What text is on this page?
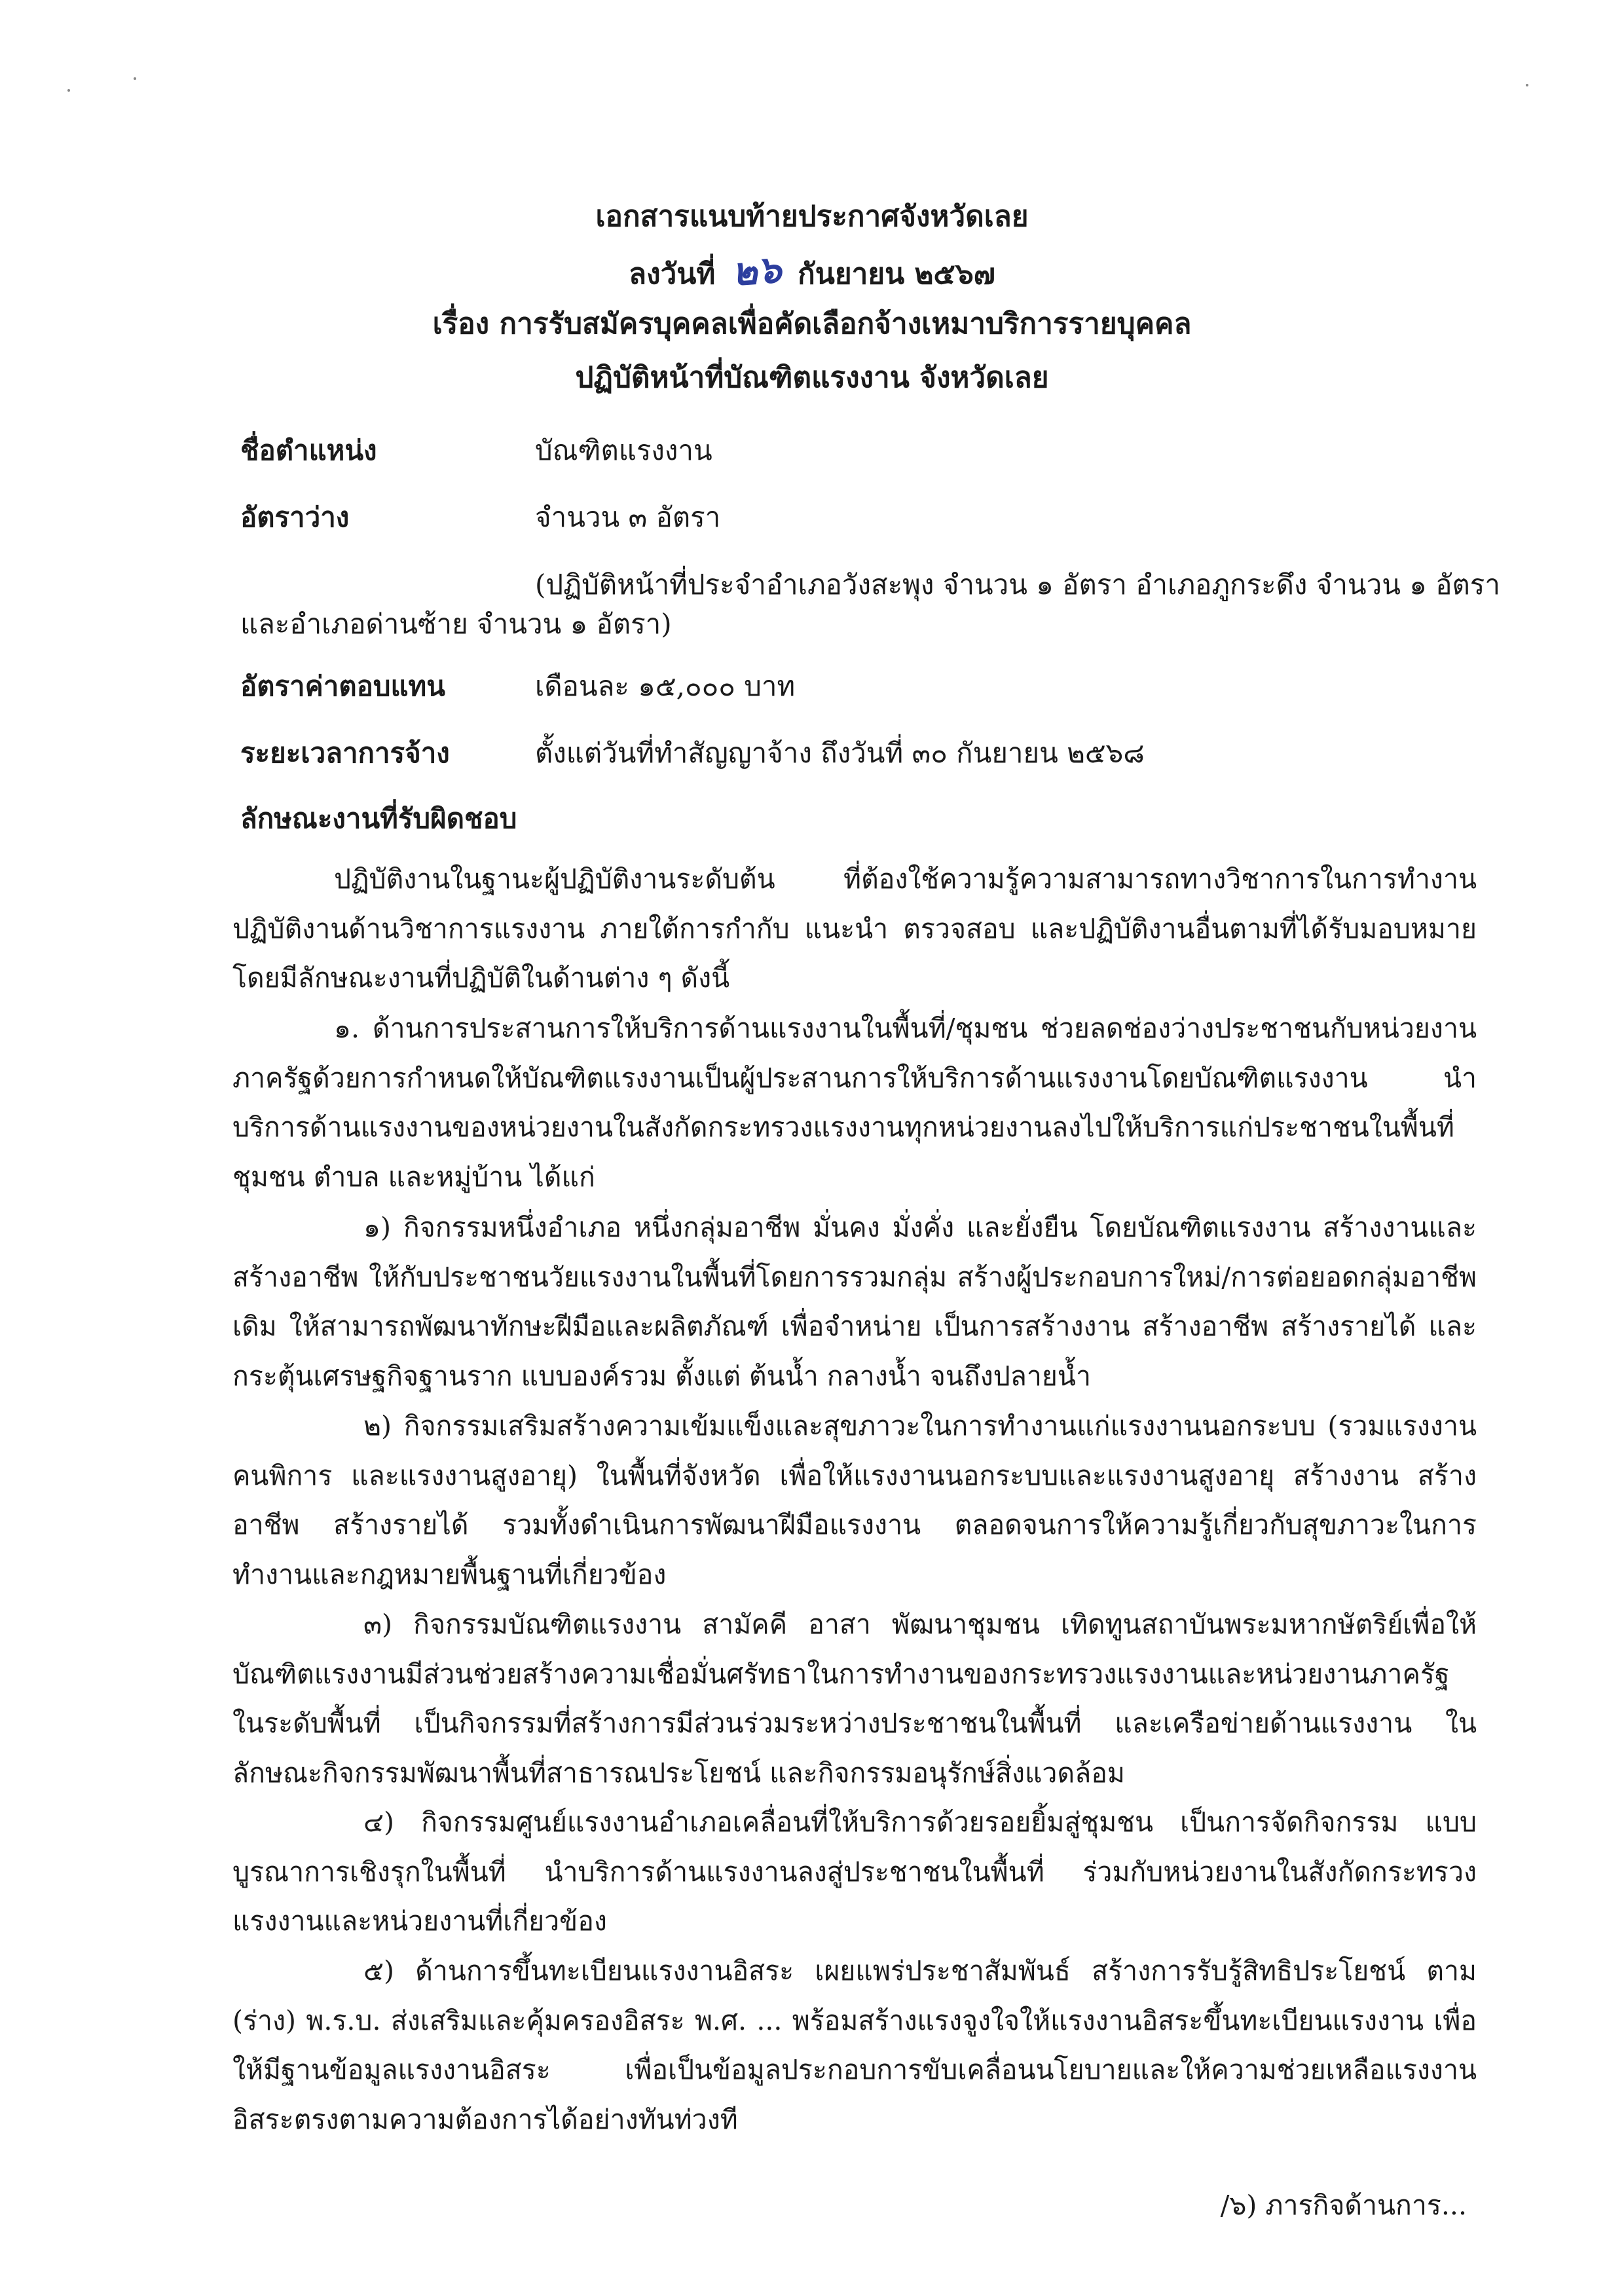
เอกสารแนบท้ายประกาศจังหวัดเลย
ลงวันที่ ๒๖ กันยายน ๒๕๖๗
เรื่อง การรับสมัครบุคคลเพื่อคัดเลือกจ้างเหมาบริการรายบุคคล
ปฏิบัติหน้าที่บัณฑิตแรงงาน จังหวัดเลย
ชื่อตำแหน่ง	บัณฑิตแรงงาน
อัตราว่าง	จำนวน ๓ อัตรา
(ปฏิบัติหน้าที่ประจำอำเภอวังสะพุง จำนวน ๑ อัตรา อำเภอภูกระดึง จำนวน ๑ อัตรา
และอำเภอด่านซ้าย จำนวน ๑ อัตรา)
อัตราค่าตอบแทน	เดือนละ ๑๕,๐๐๐ บาท
ระยะเวลาการจ้าง	ตั้งแต่วันที่ทำสัญญาจ้าง ถึงวันที่ ๓๐ กันยายน ๒๕๖๘
ลักษณะงานที่รับผิดชอบ

ปฏิบัติงานในฐานะผู้ปฏิบัติงานระดับต้น ที่ต้องใช้ความรู้ความสามารถทางวิชาการในการทำงาน ปฏิบัติงานด้านวิชาการแรงงาน ภายใต้การกำกับ แนะนำ ตรวจสอบ และปฏิบัติงานอื่นตามที่ได้รับมอบหมาย โดยมีลักษณะงานที่ปฏิบัติในด้านต่าง ๆ ดังนี้

๑. ด้านการประสานการให้บริการด้านแรงงานในพื้นที่/ชุมชน ช่วยลดช่องว่างประชาชนกับหน่วยงานภาครัฐด้วยการกำหนดให้บัณฑิตแรงงานเป็นผู้ประสานการให้บริการด้านแรงงานโดยบัณฑิตแรงงาน นำบริการด้านแรงงานของหน่วยงานในสังกัดกระทรวงแรงงานทุกหน่วยงานลงไปให้บริการแก่ประชาชนในพื้นที่ชุมชน ตำบล และหมู่บ้าน ได้แก่

๑) กิจกรรมหนึ่งอำเภอ หนึ่งกลุ่มอาชีพ มั่นคง มั่งคั่ง และยั่งยืน โดยบัณฑิตแรงงาน สร้างงานและสร้างอาชีพ ให้กับประชาชนวัยแรงงานในพื้นที่โดยการรวมกลุ่ม สร้างผู้ประกอบการใหม่/การต่อยอดกลุ่มอาชีพเดิม ให้สามารถพัฒนาทักษะฝีมือและผลิตภัณฑ์ เพื่อจำหน่าย เป็นการสร้างงาน สร้างอาชีพ สร้างรายได้ และกระตุ้นเศรษฐกิจฐานราก แบบองค์รวม ตั้งแต่ ต้นน้ำ กลางน้ำ จนถึงปลายน้ำ

๒) กิจกรรมเสริมสร้างความเข้มแข็งและสุขภาวะในการทำงานแก่แรงงานนอกระบบ (รวมแรงงานคนพิการ และแรงงานสูงอายุ) ในพื้นที่จังหวัด เพื่อให้แรงงานนอกระบบและแรงงานสูงอายุ สร้างงาน สร้างอาชีพ สร้างรายได้ รวมทั้งดำเนินการพัฒนาฝีมือแรงงาน ตลอดจนการให้ความรู้เกี่ยวกับสุขภาวะในการทำงานและกฎหมายพื้นฐานที่เกี่ยวข้อง

๓) กิจกรรมบัณฑิตแรงงาน สามัคคี อาสา พัฒนาชุมชน เทิดทูนสถาบันพระมหากษัตริย์เพื่อให้บัณฑิตแรงงานมีส่วนช่วยสร้างความเชื่อมั่นศรัทธาในการทำงานของกระทรวงแรงงานและหน่วยงานภาครัฐ ในระดับพื้นที่ เป็นกิจกรรมที่สร้างการมีส่วนร่วมระหว่างประชาชนในพื้นที่ และเครือข่ายด้านแรงงาน ในลักษณะกิจกรรมพัฒนาพื้นที่สาธารณประโยชน์ และกิจกรรมอนุรักษ์สิ่งแวดล้อม

๔) กิจกรรมศูนย์แรงงานอำเภอเคลื่อนที่ให้บริการด้วยรอยยิ้มสู่ชุมชน เป็นการจัดกิจกรรม แบบบูรณาการเชิงรุกในพื้นที่ นำบริการด้านแรงงานลงสู่ประชาชนในพื้นที่ ร่วมกับหน่วยงานในสังกัดกระทรวงแรงงานและหน่วยงานที่เกี่ยวข้อง

๕) ด้านการขึ้นทะเบียนแรงงานอิสระ เผยแพร่ประชาสัมพันธ์ สร้างการรับรู้สิทธิประโยชน์ ตาม (ร่าง) พ.ร.บ. ส่งเสริมและคุ้มครองอิสระ พ.ศ. ... พร้อมสร้างแรงจูงใจให้แรงงานอิสระขึ้นทะเบียนแรงงาน เพื่อให้มีฐานข้อมูลแรงงานอิสระ เพื่อเป็นข้อมูลประกอบการขับเคลื่อนนโยบายและให้ความช่วยเหลือแรงงาน อิสระตรงตามความต้องการได้อย่างทันท่วงที

/๖) ภารกิจด้านการ...
